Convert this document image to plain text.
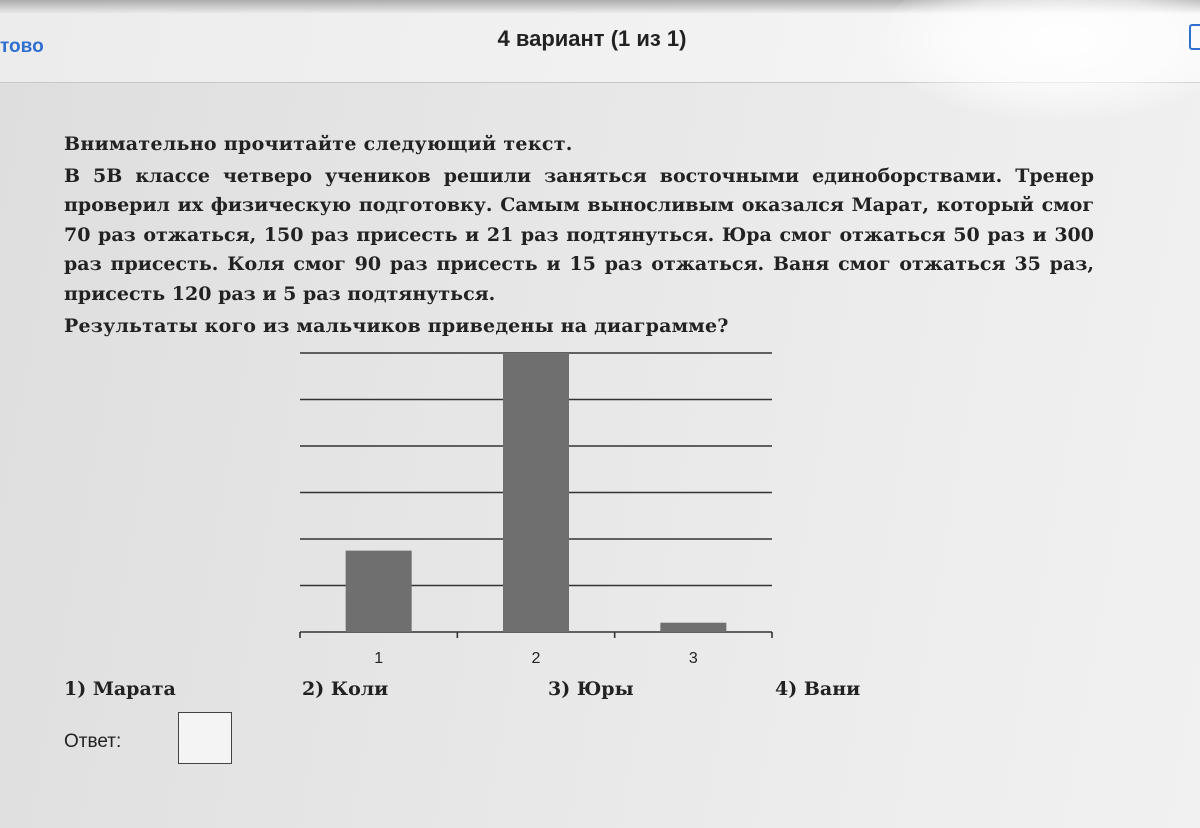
тово	4 вариант (1 из 1)

Внимательно прочитайте следующий текст.

В 5В классе четверо учеников решили заняться восточными единоборствами. Тренер проверил их физическую подготовку. Самым выносливым оказался Марат, который смог 70 раз отжаться, 150 раз присесть и 21 раз подтянуться. Юра смог отжаться 50 раз и 300 раз присесть. Коля смог 90 раз присесть и 15 раз отжаться. Ваня смог отжаться 35 раз, присесть 120 раз и 5 раз подтянуться.

Результаты кого из мальчиков приведены на диаграмме?

1	2	3
1) Марата	2) Коли	3) Юры	4) Вани
Ответ:
